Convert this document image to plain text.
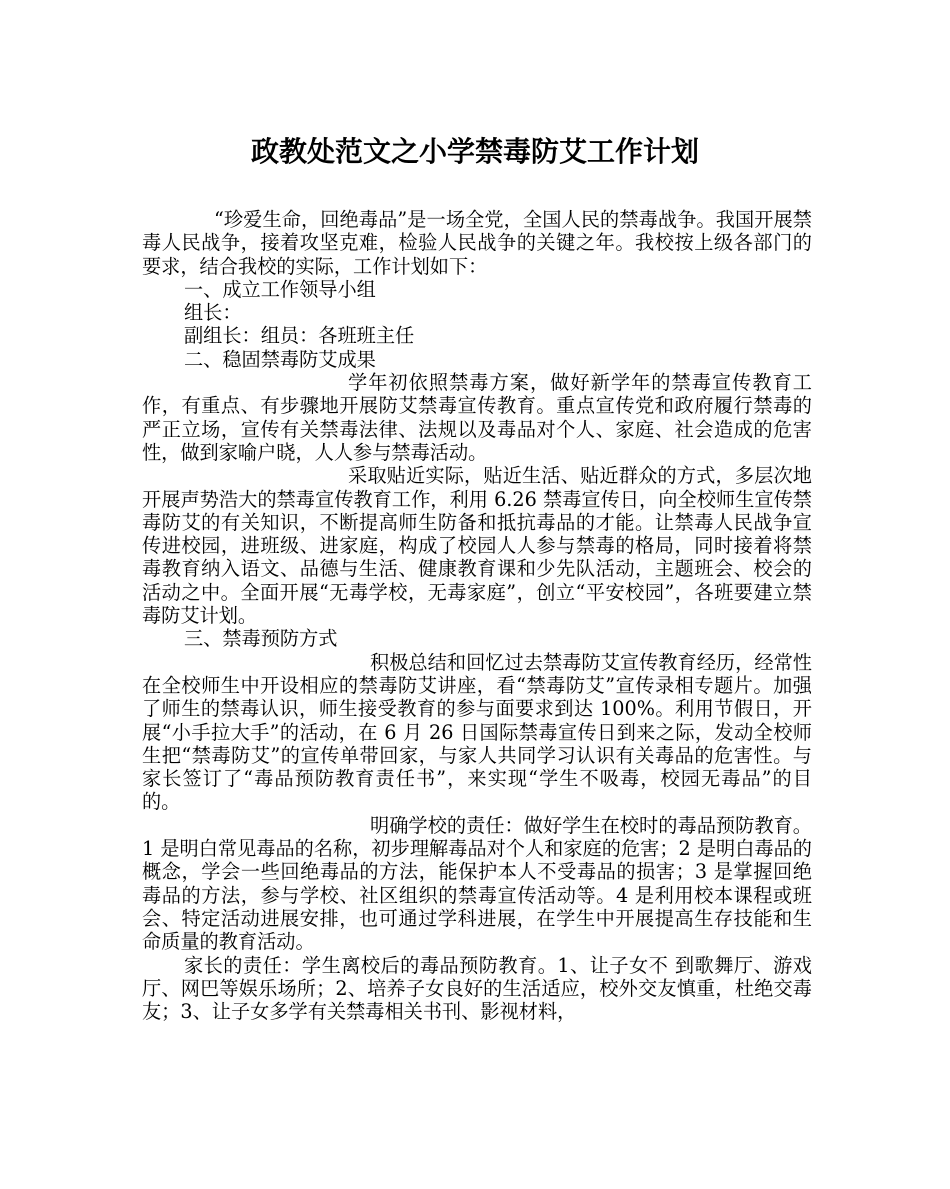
政教处范文之小学禁毒防艾工作计划

“珍爱生命，回绝毒品”是一场全党，全国人民的禁毒战争。我国开展禁毒人民战争，接着攻坚克难，检验人民战争的关键之年。我校按上级各部门的要求，结合我校的实际，工作计划如下：

一、成立工作领导小组

组长：

副组长：组员：各班班主任

二、稳固禁毒防艾成果

学年初依照禁毒方案，做好新学年的禁毒宣传教育工作，有重点、有步骤地开展防艾禁毒宣传教育。重点宣传党和政府履行禁毒的严正立场，宣传有关禁毒法律、法规以及毒品对个人、家庭、社会造成的危害性，做到家喻户晓，人人参与禁毒活动。

采取贴近实际，贴近生活、贴近群众的方式，多层次地开展声势浩大的禁毒宣传教育工作，利用 6.26 禁毒宣传日，向全校师生宣传禁毒防艾的有关知识，不断提高师生防备和抵抗毒品的才能。让禁毒人民战争宣传进校园，进班级、进家庭，构成了校园人人参与禁毒的格局，同时接着将禁毒教育纳入语文、品德与生活、健康教育课和少先队活动，主题班会、校会的活动之中。全面开展“无毒学校，无毒家庭”，创立“平安校园”，各班要建立禁毒防艾计划。

三、禁毒预防方式

积极总结和回忆过去禁毒防艾宣传教育经历，经常性在全校师生中开设相应的禁毒防艾讲座，看“禁毒防艾”宣传录相专题片。加强了师生的禁毒认识，师生接受教育的参与面要求到达 100%。利用节假日，开展“小手拉大手”的活动，在 6 月 26 日国际禁毒宣传日到来之际，发动全校师生把“禁毒防艾”的宣传单带回家，与家人共同学习认识有关毒品的危害性。与家长签订了“毒品预防教育责任书”，来实现“学生不吸毒，校园无毒品”的目的。

明确学校的责任：做好学生在校时的毒品预防教育。1 是明白常见毒品的名称，初步理解毒品对个人和家庭的危害；2 是明白毒品的概念，学会一些回绝毒品的方法，能保护本人不受毒品的损害；3 是掌握回绝毒品的方法，参与学校、社区组织的禁毒宣传活动等。4 是利用校本课程或班会、特定活动进展安排，也可通过学科进展，在学生中开展提高生存技能和生命质量的教育活动。

家长的责任：学生离校后的毒品预防教育。1、让子女不 到歌舞厅、游戏厅、网巴等娱乐场所；2、培养子女良好的生活适应，校外交友慎重，杜绝交毒友；3、让子女多学有关禁毒相关书刊、影视材料，
